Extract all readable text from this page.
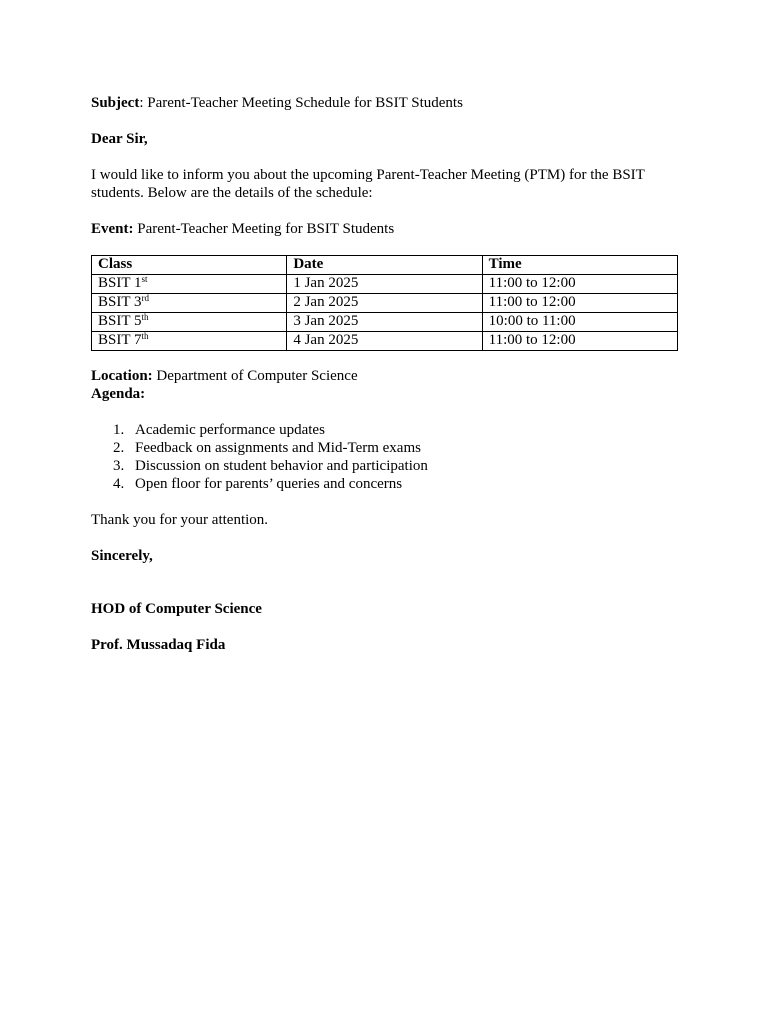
Subject: Parent-Teacher Meeting Schedule for BSIT Students
Dear Sir,
I would like to inform you about the upcoming Parent-Teacher Meeting (PTM) for the BSIT
students. Below are the details of the schedule:
Event: Parent-Teacher Meeting for BSIT Students
Class	Date	Time
BSIT 1st	1 Jan 2025	11:00 to 12:00
BSIT 3rd	2 Jan 2025	11:00 to 12:00
BSIT 5th	3 Jan 2025	10:00 to 11:00
BSIT 7th	4 Jan 2025	11:00 to 12:00
Location: Department of Computer Science
Agenda:
1. Academic performance updates
2. Feedback on assignments and Mid-Term exams
3. Discussion on student behavior and participation
4. Open floor for parents’ queries and concerns
Thank you for your attention.
Sincerely,
HOD of Computer Science
Prof. Mussadaq Fida
